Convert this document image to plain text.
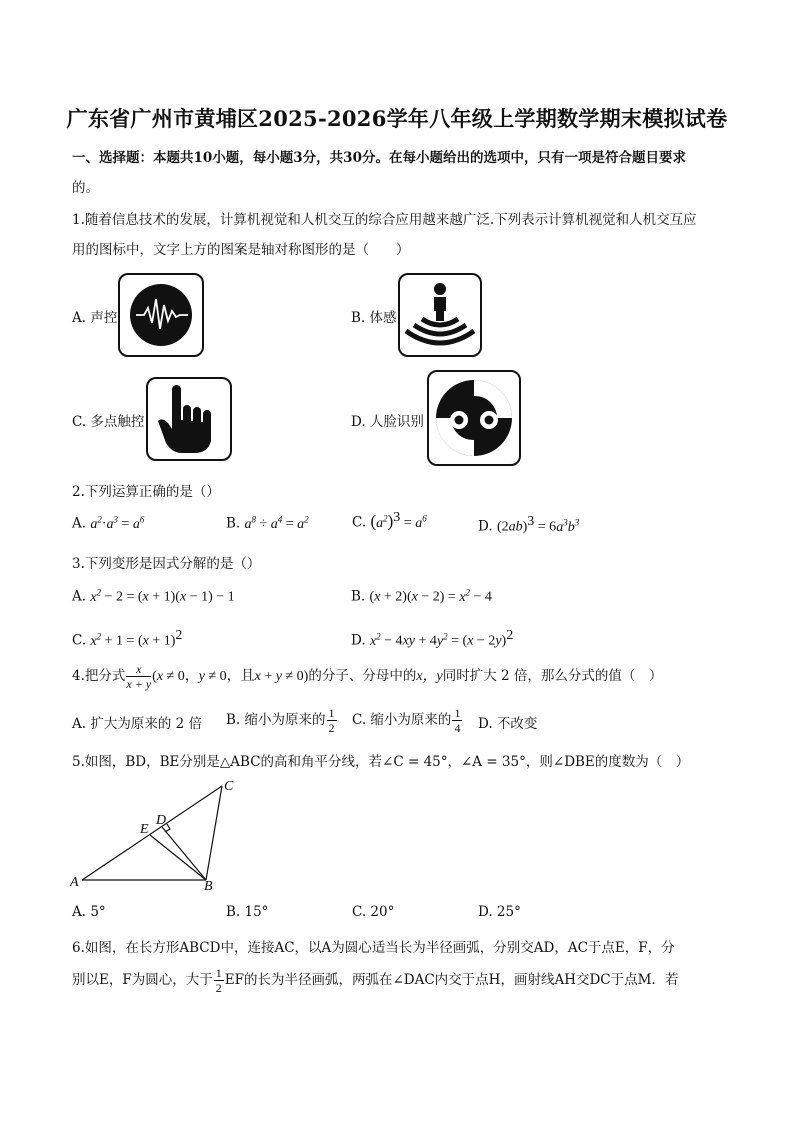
广东省广州市黄埔区2025-2026学年八年级上学期数学期末模拟试卷
一、选择题：本题共10小题，每小题3分，共30分。在每小题给出的选项中，只有一项是符合题目要求
的。
1.随着信息技术的发展，计算机视觉和人机交互的综合应用越来越广泛.下列表示计算机视觉和人机交互应
用的图标中，文字上方的图案是轴对称图形的是（　　）
A. 声控	B. 体感
C. 多点触控	D. 人脸识别
2.下列运算正确的是（）
A. $a^2\cdot a^3 = a^6$	B. $a^8 \div a^4 = a^2$	C. $(a^2)^3 = a^6$
D. $(2ab)^3 = 6a^3b^3$
3.下列变形是因式分解的是（）
A. $x^2 - 2 = (x + 1)(x - 1) - 1$	B. $(x + 2)(x - 2) = x^2 - 4$
C. $x^2 + 1 = (x + 1)^2$	D. $x^2 - 4xy + 4y^2 = (x - 2y)^2$
4.把分式 $\frac{x}{x + y} (x \ne 0$，y ≠ 0，且x + y ≠ 0)的分子、分母中的x，y同时扩大 2 倍，那么分式的值（　）
A. 扩大为原来的 2 倍 B. 缩小为原来的 $\frac{1}{2} C$. 缩小为原来的 $\frac{1}{4} D$. 不改变
5.如图，BD，BE分别是△ABC的高和角平分线，若∠C = 45°，∠A = 35°，则∠DBE的度数为（　）
A	B
C
D
E
A. 5°	B. 15°	C. 20°	D. 25°
6.如图，在长方形ABCD中，连接AC，以A为圆心适当长为半径画弧，分别交AD，AC于点E，F，分
别以E，F为圆心，大于 $\frac{1}{2}$ EF的长为半径画弧，两弧在∠DAC内交于点H，画射线AH交DC于点M．若
